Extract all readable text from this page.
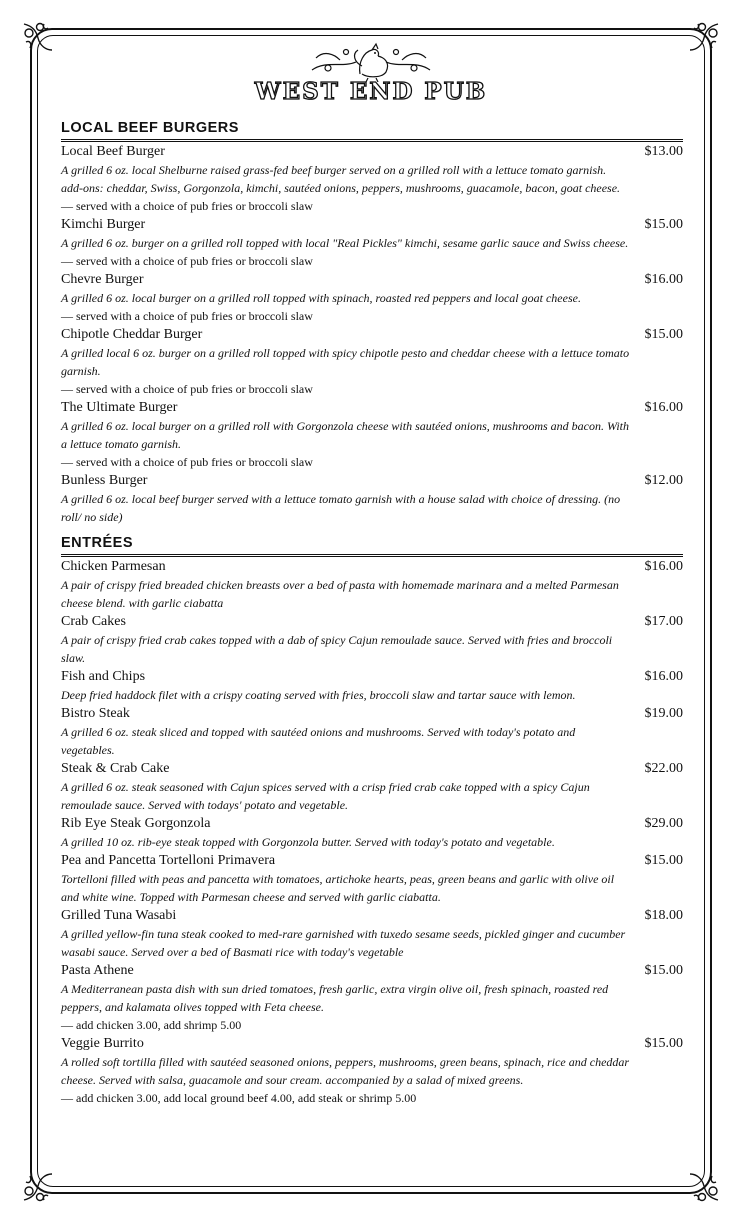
WEST END PUB
LOCAL BEEF BURGERS
Local Beef Burger	$13.00
A grilled 6 oz. local Shelburne raised grass-fed beef burger served on a grilled roll with a lettuce tomato garnish. add-ons: cheddar, Swiss, Gorgonzola, kimchi, sautéed onions, peppers, mushrooms, guacamole, bacon, goat cheese.
— served with a choice of pub fries or broccoli slaw
Kimchi Burger	$15.00
A grilled 6 oz. burger on a grilled roll topped with local "Real Pickles" kimchi, sesame garlic sauce and Swiss cheese.
— served with a choice of pub fries or broccoli slaw
Chevre Burger	$16.00
A grilled 6 oz. local burger on a grilled roll topped with spinach, roasted red peppers and local goat cheese.
— served with a choice of pub fries or broccoli slaw
Chipotle Cheddar Burger	$15.00
A grilled local 6 oz. burger on a grilled roll topped with spicy chipotle pesto and cheddar cheese with a lettuce tomato garnish.
— served with a choice of pub fries or broccoli slaw
The Ultimate Burger	$16.00
A grilled 6 oz. local burger on a grilled roll with Gorgonzola cheese with sautéed onions, mushrooms and bacon. With a lettuce tomato garnish.
— served with a choice of pub fries or broccoli slaw
Bunless Burger	$12.00
A grilled 6 oz. local beef burger served with a lettuce tomato garnish with a house salad with choice of dressing. (no roll/ no side)
ENTRÉES
Chicken Parmesan	$16.00
A pair of crispy fried breaded chicken breasts over a bed of pasta with homemade marinara and a melted Parmesan cheese blend. with garlic ciabatta
Crab Cakes	$17.00
A pair of crispy fried crab cakes topped with a dab of spicy Cajun remoulade sauce. Served with fries and broccoli slaw.
Fish and Chips	$16.00
Deep fried haddock filet with a crispy coating served with fries, broccoli slaw and tartar sauce with lemon.
Bistro Steak	$19.00
A grilled 6 oz. steak sliced and topped with sautéed onions and mushrooms. Served with today's potato and vegetables.
Steak & Crab Cake	$22.00
A grilled 6 oz. steak seasoned with Cajun spices served with a crisp fried crab cake topped with a spicy Cajun remoulade sauce. Served with todays' potato and vegetable.
Rib Eye Steak Gorgonzola	$29.00
A grilled 10 oz. rib-eye steak topped with Gorgonzola butter. Served with today's potato and vegetable.
Pea and Pancetta Tortelloni Primavera	$15.00
Tortelloni filled with peas and pancetta with tomatoes, artichoke hearts, peas, green beans and garlic with olive oil and white wine. Topped with Parmesan cheese and served with garlic ciabatta.
Grilled Tuna Wasabi	$18.00
A grilled yellow-fin tuna steak cooked to med-rare garnished with tuxedo sesame seeds, pickled ginger and cucumber wasabi sauce. Served over a bed of Basmati rice with today's vegetable
Pasta Athene	$15.00
A Mediterranean pasta dish with sun dried tomatoes, fresh garlic, extra virgin olive oil, fresh spinach, roasted red peppers, and kalamata olives topped with Feta cheese.
— add chicken 3.00, add shrimp 5.00
Veggie Burrito	$15.00
A rolled soft tortilla filled with sautéed seasoned onions, peppers, mushrooms, green beans, spinach, rice and cheddar cheese. Served with salsa, guacamole and sour cream. accompanied by a salad of mixed greens.
— add chicken 3.00, add local ground beef 4.00, add steak or shrimp 5.00
